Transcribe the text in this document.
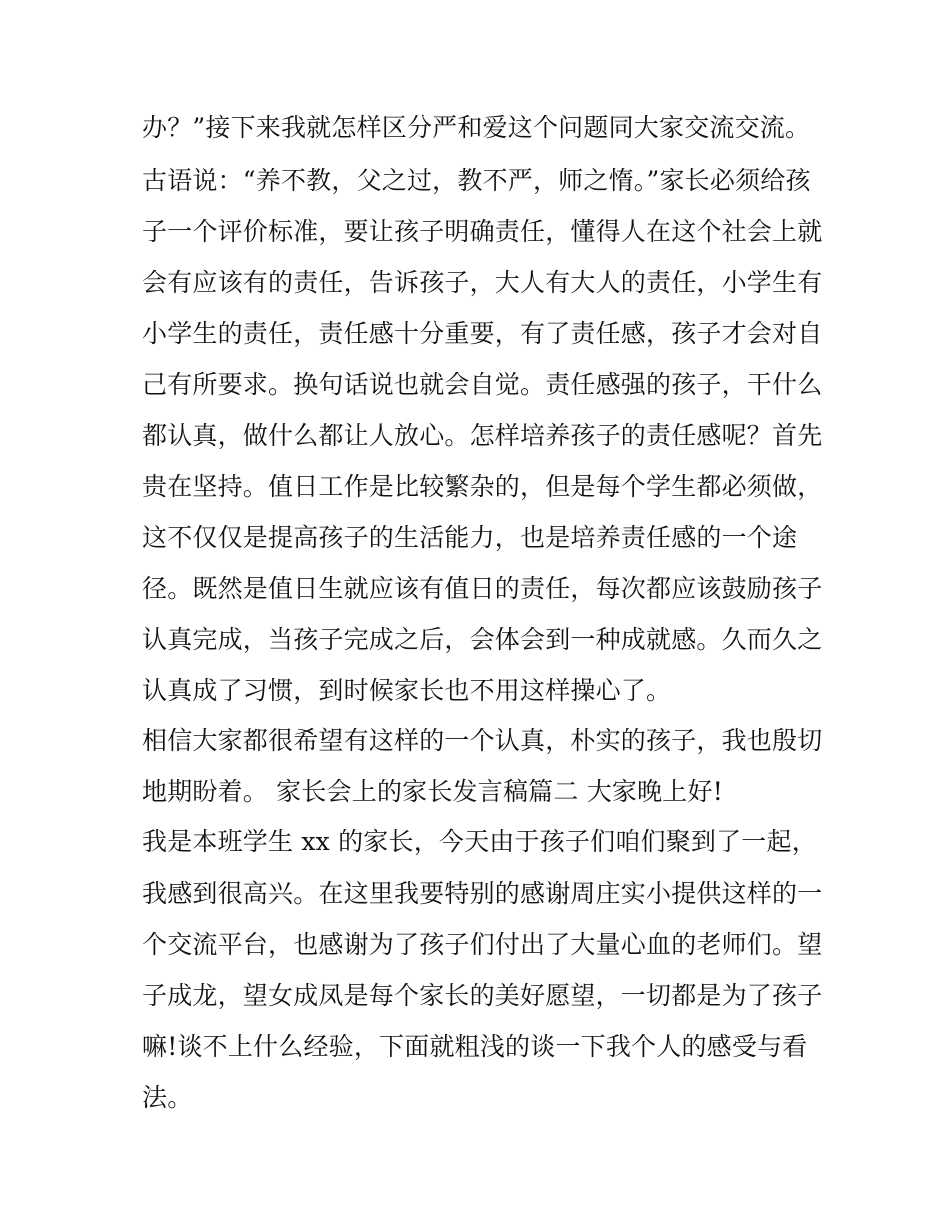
办？”接下来我就怎样区分严和爱这个问题同大家交流交流。
古语说：“养不教，父之过，教不严，师之惰。”家长必须给孩
子一个评价标准，要让孩子明确责任，懂得人在这个社会上就
会有应该有的责任，告诉孩子，大人有大人的责任，小学生有
小学生的责任，责任感十分重要，有了责任感，孩子才会对自
己有所要求。换句话说也就会自觉。责任感强的孩子，干什么
都认真，做什么都让人放心。怎样培养孩子的责任感呢？首先
贵在坚持。值日工作是比较繁杂的，但是每个学生都必须做，
这不仅仅是提高孩子的生活能力，也是培养责任感的一个途
径。既然是值日生就应该有值日的责任，每次都应该鼓励孩子
认真完成，当孩子完成之后，会体会到一种成就感。久而久之
认真成了习惯，到时候家长也不用这样操心了。
相信大家都很希望有这样的一个认真，朴实的孩子，我也殷切
地期盼着。 家长会上的家长发言稿篇二 大家晚上好!
我是本班学生 xx 的家长，今天由于孩子们咱们聚到了一起，
我感到很高兴。在这里我要特别的感谢周庄实小提供这样的一
个交流平台，也感谢为了孩子们付出了大量心血的老师们。望
子成龙，望女成凤是每个家长的美好愿望，一切都是为了孩子
嘛!谈不上什么经验，下面就粗浅的谈一下我个人的感受与看
法。
